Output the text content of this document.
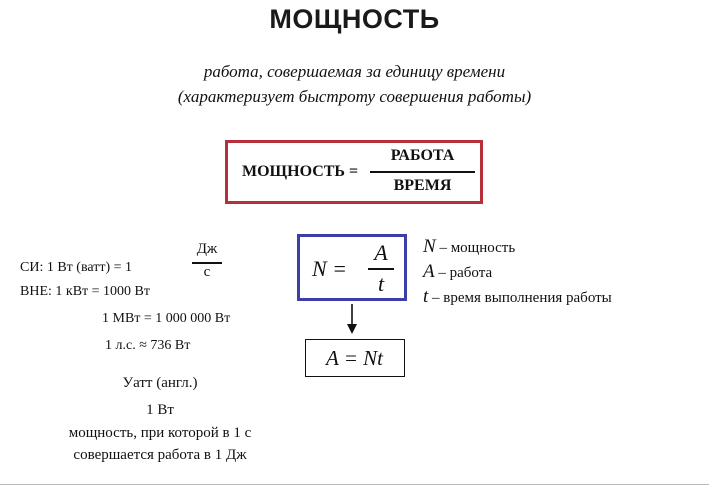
МОЩНОСТЬ
работа, совершаемая за единицу времени
(характеризует быстроту совершения работы)
МОЩНОСТЬ =
РАБОТА
ВРЕМЯ
СИ: 1 Вт (ватт) = 1
Дж
с
ВНЕ: 1 кВт = 1000 Вт
1 МВт = 1 000 000 Вт
1 л.с. ≈ 736 Вт
Уатт (англ.)
1 Вт
мощность, при которой в 1 с
совершается работа в 1 Дж
N =
A
t
A = Nt
N – мощность
A – работа
t – время выполнения работы
